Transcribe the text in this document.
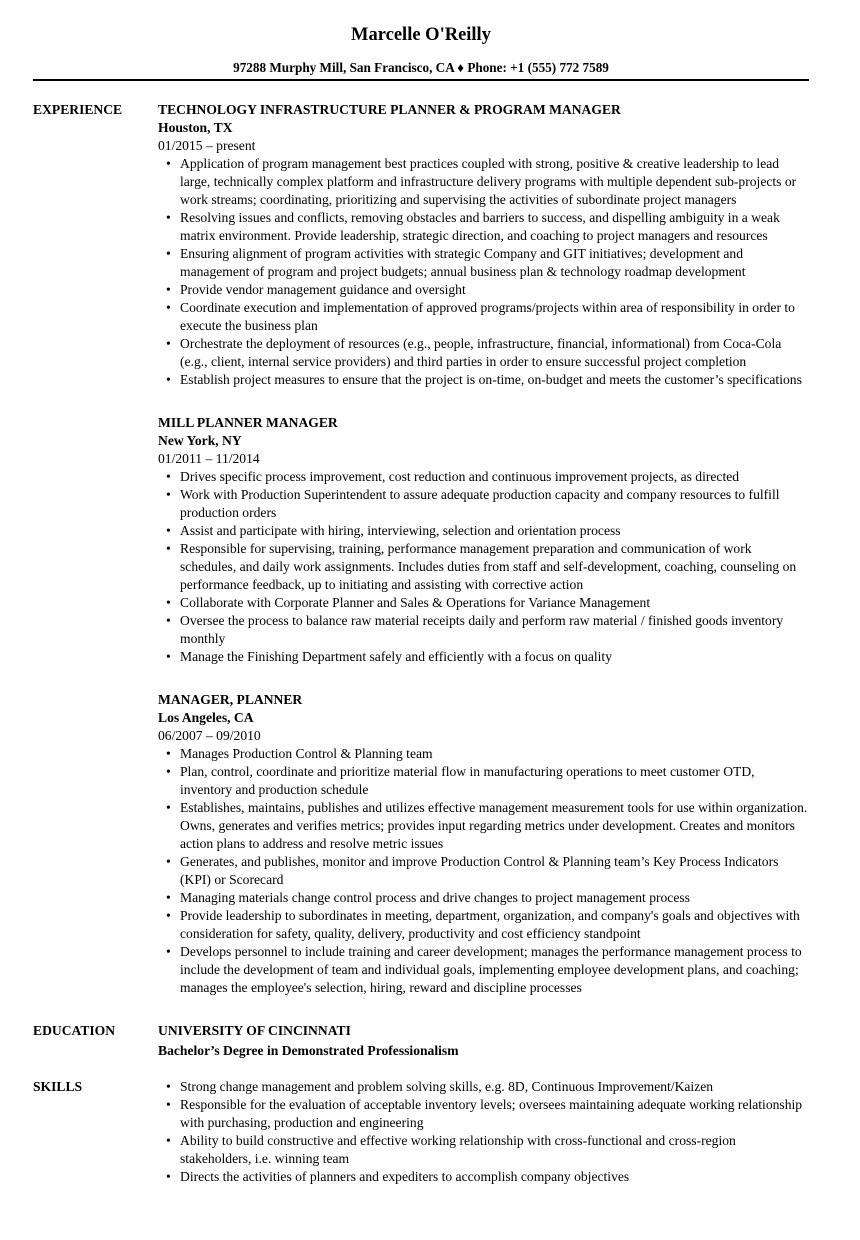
Marcelle O'Reilly
97288 Murphy Mill, San Francisco, CA ♦ Phone: +1 (555) 772 7589
EXPERIENCE	TECHNOLOGY INFRASTRUCTURE PLANNER & PROGRAM MANAGER
Houston, TX
01/2015 – present
• Application of program management best practices coupled with strong, positive & creative leadership to lead large, technically complex platform and infrastructure delivery programs with multiple dependent sub-projects or work streams; coordinating, prioritizing and supervising the activities of subordinate project managers
• Resolving issues and conflicts, removing obstacles and barriers to success, and dispelling ambiguity in a weak matrix environment. Provide leadership, strategic direction, and coaching to project managers and resources
• Ensuring alignment of program activities with strategic Company and GIT initiatives; development and management of program and project budgets; annual business plan & technology roadmap development
• Provide vendor management guidance and oversight
• Coordinate execution and implementation of approved programs/projects within area of responsibility in order to execute the business plan
• Orchestrate the deployment of resources (e.g., people, infrastructure, financial, informational) from Coca-Cola (e.g., client, internal service providers) and third parties in order to ensure successful project completion
• Establish project measures to ensure that the project is on-time, on-budget and meets the customer’s specifications
MILL PLANNER MANAGER
New York, NY
01/2011 – 11/2014
• Drives specific process improvement, cost reduction and continuous improvement projects, as directed
• Work with Production Superintendent to assure adequate production capacity and company resources to fulfill production orders
• Assist and participate with hiring, interviewing, selection and orientation process
• Responsible for supervising, training, performance management preparation and communication of work schedules, and daily work assignments. Includes duties from staff and self-development, coaching, counseling on performance feedback, up to initiating and assisting with corrective action
• Collaborate with Corporate Planner and Sales & Operations for Variance Management
• Oversee the process to balance raw material receipts daily and perform raw material / finished goods inventory monthly
• Manage the Finishing Department safely and efficiently with a focus on quality
MANAGER, PLANNER
Los Angeles, CA
06/2007 – 09/2010
• Manages Production Control & Planning team
• Plan, control, coordinate and prioritize material flow in manufacturing operations to meet customer OTD, inventory and production schedule
• Establishes, maintains, publishes and utilizes effective management measurement tools for use within organization. Owns, generates and verifies metrics; provides input regarding metrics under development. Creates and monitors action plans to address and resolve metric issues
• Generates, and publishes, monitor and improve Production Control & Planning team’s Key Process Indicators (KPI) or Scorecard
• Managing materials change control process and drive changes to project management process
• Provide leadership to subordinates in meeting, department, organization, and company's goals and objectives with consideration for safety, quality, delivery, productivity and cost efficiency standpoint
• Develops personnel to include training and career development; manages the performance management process to include the development of team and individual goals, implementing employee development plans, and coaching; manages the employee's selection, hiring, reward and discipline processes
EDUCATION	UNIVERSITY OF CINCINNATI
Bachelor’s Degree in Demonstrated Professionalism
SKILLS	• Strong change management and problem solving skills, e.g. 8D, Continuous Improvement/Kaizen
• Responsible for the evaluation of acceptable inventory levels; oversees maintaining adequate working relationship with purchasing, production and engineering
• Ability to build constructive and effective working relationship with cross-functional and cross-region stakeholders, i.e. winning team
• Directs the activities of planners and expediters to accomplish company objectives
